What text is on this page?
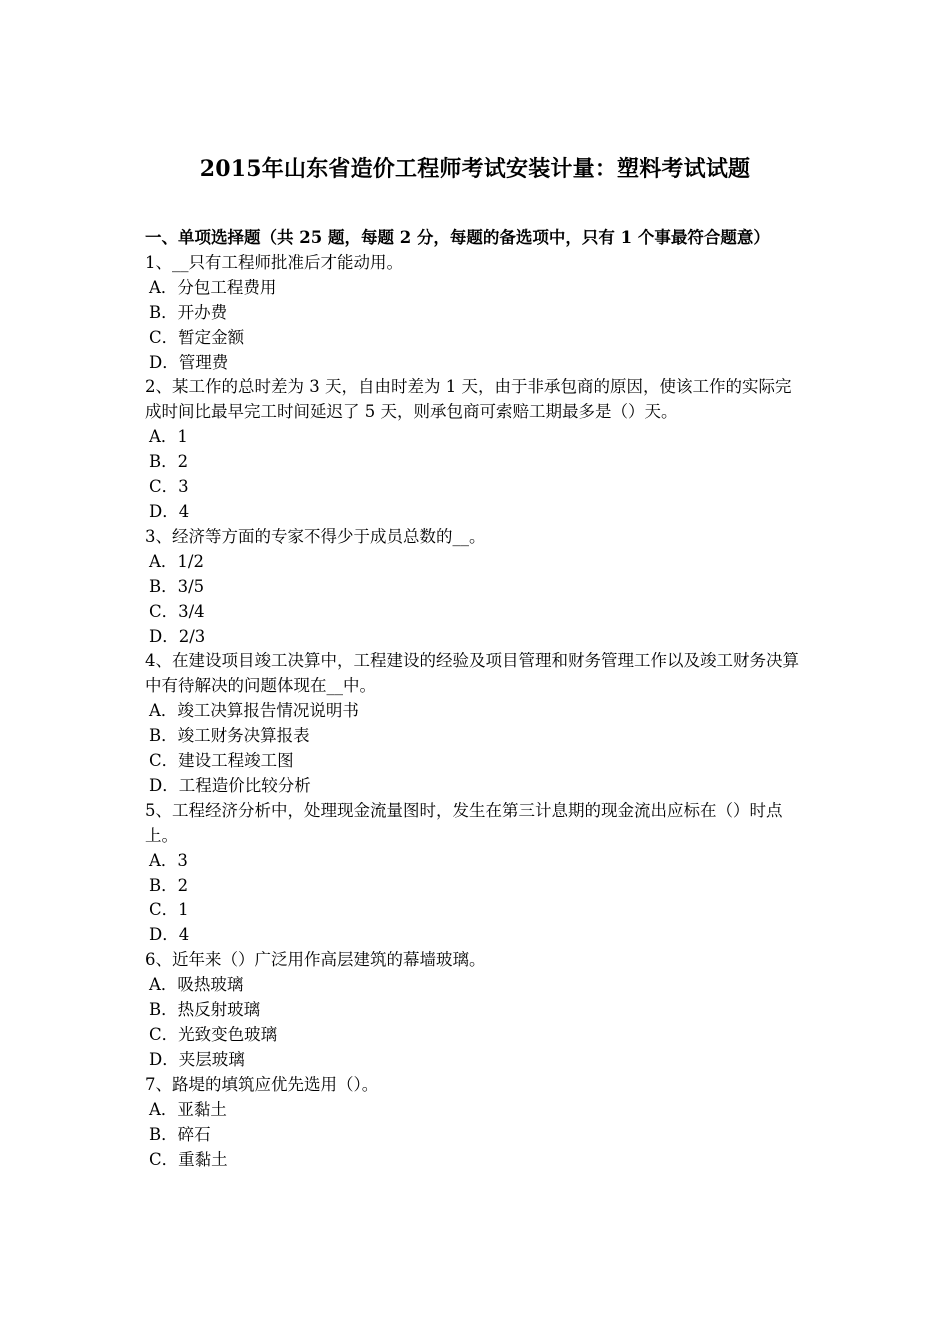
2015年山东省造价工程师考试安装计量：塑料考试试题
一、单项选择题（共 25 题，每题 2 分，每题的备选项中，只有 1 个事最符合题意）
1、__只有工程师批准后才能动用。
A．分包工程费用
B．开办费
C．暂定金额
D．管理费
2、某工作的总时差为 3 天，自由时差为 1 天，由于非承包商的原因，使该工作的实际完成时间比最早完工时间延迟了 5 天，则承包商可索赔工期最多是（）天。
A．1
B．2
C．3
D．4
3、经济等方面的专家不得少于成员总数的__。
A．1/2
B．3/5
C．3/4
D．2/3
4、在建设项目竣工决算中，工程建设的经验及项目管理和财务管理工作以及竣工财务决算中有待解决的问题体现在__中。
A．竣工决算报告情况说明书
B．竣工财务决算报表
C．建设工程竣工图
D．工程造价比较分析
5、工程经济分析中，处理现金流量图时，发生在第三计息期的现金流出应标在（）时点上。
A．3
B．2
C．1
D．4
6、近年来（）广泛用作高层建筑的幕墙玻璃。
A．吸热玻璃
B．热反射玻璃
C．光致变色玻璃
D．夹层玻璃
7、路堤的填筑应优先选用（）。
A．亚黏土
B．碎石
C．重黏土
